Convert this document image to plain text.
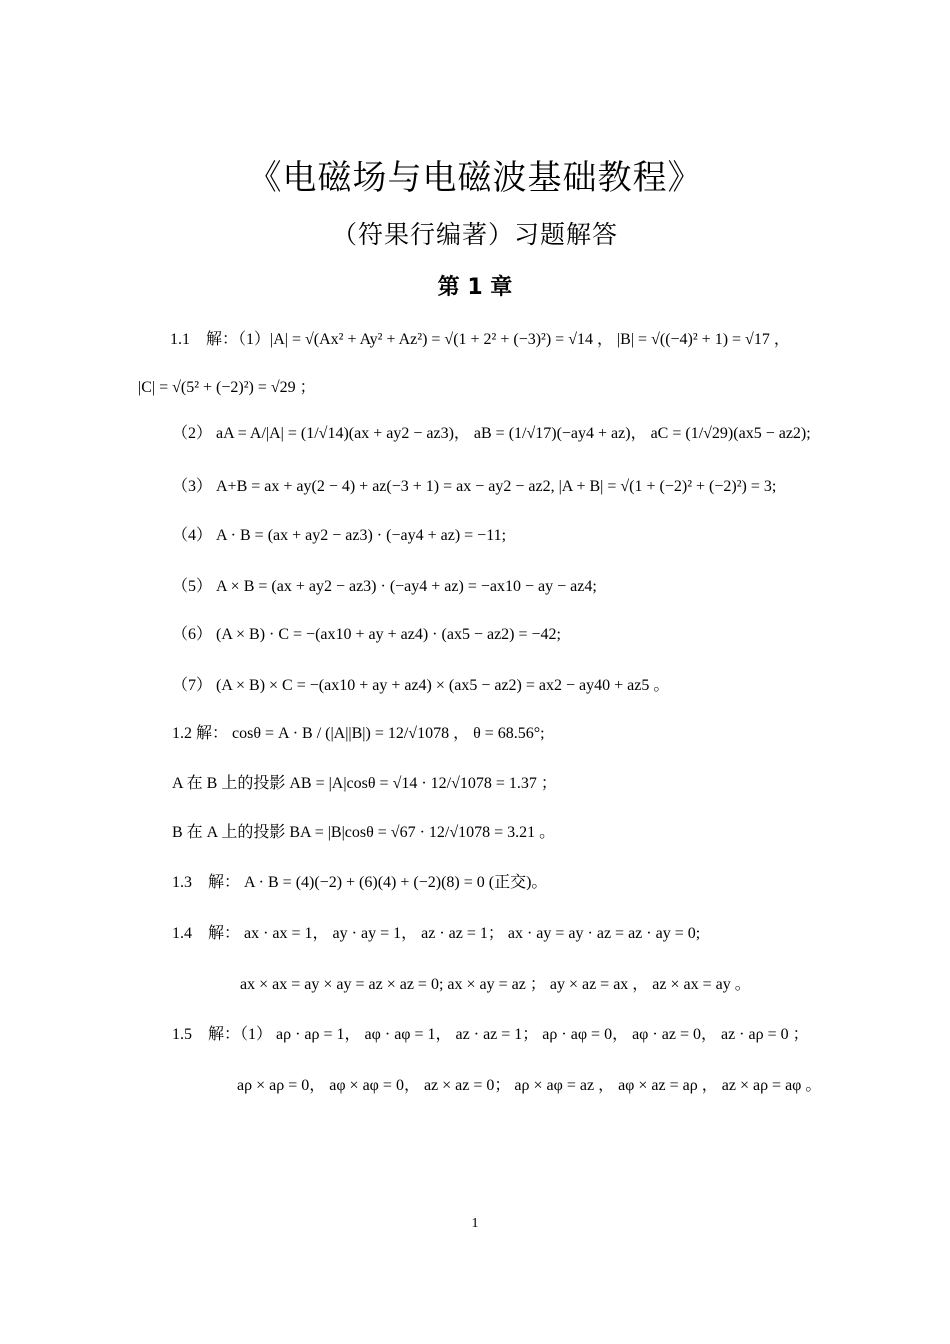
《电磁场与电磁波基础教程》
（符果行编著）习题解答
第 1 章
1.1　解：（1）|A| = √(Ax² + Ay² + Az²) = √(1 + 2² + (−3)²) = √14 ， |B| = √((−4)² + 1) = √17 ，
|C| = √(5² + (−2)²) = √29 ；
（2） aA = A/|A| = (1/√14)(ax + ay2 − az3)， aB = (1/√17)(−ay4 + az)， aC = (1/√29)(ax5 − az2);
（3） A+B = ax + ay(2 − 4) + az(−3 + 1) = ax − ay2 − az2, |A + B| = √(1 + (−2)² + (−2)²) = 3;
（4） A · B = (ax + ay2 − az3) · (−ay4 + az) = −11;
（5） A × B = (ax + ay2 − az3) · (−ay4 + az) = −ax10 − ay − az4;
（6） (A × B) · C = −(ax10 + ay + az4) · (ax5 − az2) = −42;
（7） (A × B) × C = −(ax10 + ay + az4) × (ax5 − az2) = ax2 − ay40 + az5 。
1.2 解： cosθ = A · B / (|A||B|) = 12/√1078 ， θ = 68.56°;
A 在 B 上的投影 AB = |A|cosθ = √14 · 12/√1078 = 1.37 ；
B 在 A 上的投影 BA = |B|cosθ = √67 · 12/√1078 = 3.21 。
1.3　解： A · B = (4)(−2) + (6)(4) + (−2)(8) = 0 (正交)。
1.4　解： ax · ax = 1， ay · ay = 1， az · az = 1； ax · ay = ay · az = az · ay = 0;
ax × ax = ay × ay = az × az = 0; ax × ay = az ； ay × az = ax ， az × ax = ay 。
1.5　解：（1） aρ · aρ = 1， aφ · aφ = 1， az · az = 1； aρ · aφ = 0， aφ · az = 0， az · aρ = 0 ；
aρ × aρ = 0， aφ × aφ = 0， az × az = 0； aρ × aφ = az ， aφ × az = aρ ， az × aρ = aφ 。
1
